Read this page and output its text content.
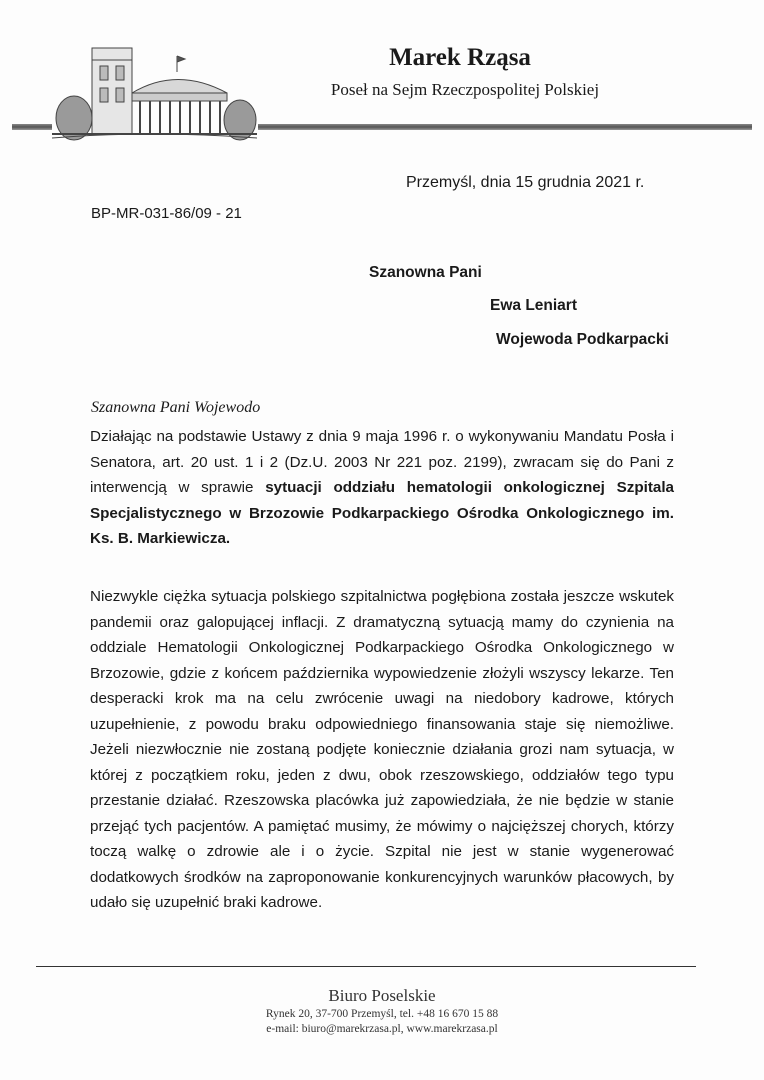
Marek Rząsa
Poseł na Sejm Rzeczpospolitej Polskiej
Przemyśl, dnia 15 grudnia 2021 r.
BP-MR-031-86/09 - 21
Szanowna Pani
Ewa Leniart
Wojewoda Podkarpacki
Szanowna Pani Wojewodo
Działając na podstawie Ustawy z dnia 9 maja 1996 r. o wykonywaniu Mandatu Posła i Senatora, art. 20 ust. 1 i 2 (Dz.U. 2003 Nr 221 poz. 2199), zwracam się do Pani z interwencją w sprawie sytuacji oddziału hematologii onkologicznej Szpitala Specjalistycznego w Brzozowie Podkarpackiego Ośrodka Onkologicznego im. Ks. B. Markiewicza.
Niezwykle ciężka sytuacja polskiego szpitalnictwa pogłębiona została jeszcze wskutek pandemii oraz galopującej inflacji. Z dramatyczną sytuacją mamy do czynienia na oddziale Hematologii Onkologicznej Podkarpackiego Ośrodka Onkologicznego w Brzozowie, gdzie z końcem października wypowiedzenie złożyli wszyscy lekarze. Ten desperacki krok ma na celu zwrócenie uwagi na niedobory kadrowe, których uzupełnienie, z powodu braku odpowiedniego finansowania staje się niemożliwe. Jeżeli niezwłocznie nie zostaną podjęte koniecznie działania grozi nam sytuacja, w której z początkiem roku, jeden z dwu, obok rzeszowskiego, oddziałów tego typu przestanie działać. Rzeszowska placówka już zapowiedziała, że nie będzie w stanie przejąć tych pacjentów. A pamiętać musimy, że mówimy o najcięższej chorych, którzy toczą walkę o zdrowie ale i o życie. Szpital nie jest w stanie wygenerować dodatkowych środków na zaproponowanie konkurencyjnych warunków płacowych, by udało się uzupełnić braki kadrowe.
Biuro Poselskie
Rynek 20, 37-700 Przemyśl, tel. +48 16 670 15 88
e-mail: biuro@marekrzasa.pl, www.marekrzasa.pl
